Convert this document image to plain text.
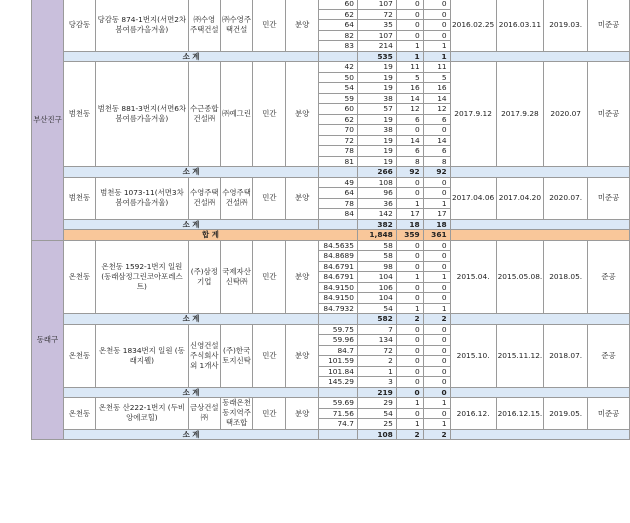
부산진구	당감동	당감동 874-1번지(서면2차봄여름가을겨울)	㈜수영주택건설	㈜수영주택건설	민간	분양	60	107	0	0	2016.02.25	2016.03.11	2019.03.	미준공
							62	72	0	0				
							64	35	0	0				
							82	107	0	0				
							83	214	1	1				
	소 계							535	1	1				
	범천동	범천동 881-3번지(서면6차봄여름가을겨울)	수근종합건설㈜	㈜예그린	민간	분양	42	19	11	11	2017.9.12	2017.9.28	2020.07	미준공
							50	19	5	5				
							54	19	16	16				
							59	38	14	14				
							60	57	12	12				
							62	19	6	6				
							70	38	0	0				
							72	19	14	14				
							78	19	6	6				
							81	19	8	8				
	소 계							266	92	92				
	범천동	범천동 1073-11(서면3차봄여름가을겨울)	수영주택건설㈜	수영주택건설㈜	민간	분양	49	108	0	0	2017.04.06	2017.04.20	2020.07.	미준공
							64	96	0	0				
							78	36	1	1				
							84	142	17	17				
	소 계							382	18	18				
	합 계							1,848	359	361				
동래구	온천동	온천동 1592-1번지 일원 (동래삼정그린코아포레스트)	(주)삼정기업	국제자산신탁㈜	민간	분양	84.5635	58	0	0	2015.04.	2015.05.08.	2018.05.	준공
							84.8689	58	0	0				
							84.6791	98	0	0				
							84.6791	104	1	1				
							84.9150	106	0	0				
							84.9150	104	0	0				
							84.7932	54	1	1				
	소 계							582	2	2				
	온천동	온천동 1834번지 일원 (동래지웰)	신영건설주식회사외 1개사	(주)한국토지신탁	민간	분양	59.75	7	0	0	2015.10.	2015.11.12.	2018.07.	준공
							59.96	134	0	0				
							84.7	72	0	0				
							101.59	2	0	0				
							101.84	1	0	0				
							145.29	3	0	0				
	소 계							219	0	0				
	온천동	온천동 산222-1번지 (두비앙에코힐)	금상건설㈜	동래온천동지역주택조합	민간	분양	59.69	29	1	1	2016.12.	2016.12.15.	2019.05.	미준공
							71.56	54	0	0				
							74.7	25	1	1				
	소 계							108	2	2				
